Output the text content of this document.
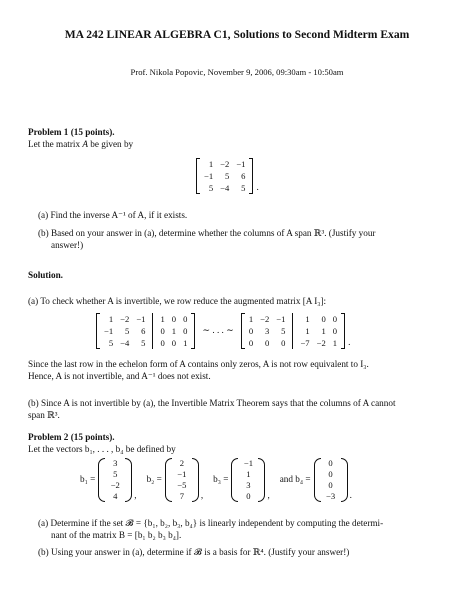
MA 242 LINEAR ALGEBRA C1, Solutions to Second Midterm Exam
Prof. Nikola Popovic, November 9, 2006, 09:30am - 10:50am
Problem 1 (15 points).
Let the matrix A be given by
1 −2 −1
−1	5	6
5 −4	5 .
(a) Find the inverse A⁻¹ of A, if it exists.
(b) Based on your answer in (a), determine whether the columns of A span ℝ³. (Justify your
answer!)
Solution.
(a) To check whether A is invertible, we row reduce the augmented matrix [A I₃]:
1 −2 −1 1 0 0
−1	5	6 0 1 0
5 −4	5 0 0 1
∼ . . . ∼
1 −2 −1	1	0 0
0	3	5	1	1 0
0	0	0 −7 −2 1 .
Since the last row in the echelon form of A contains only zeros, A is not row equivalent to I₃.
Hence, A is not invertible, and A⁻¹ does not exist.
(b) Since A is not invertible by (a), the Invertible Matrix Theorem says that the columns of A cannot
span ℝ³.
Problem 2 (15 points).
Let the vectors b₁, . . . , b₄ be defined by
b₁ =
3
5
−2
4	,
b₂ =
2
−1
−5
7	,
b₃ =
−1
1
3
0	,
and b₄ =
0
0
0
−3 .
(a) Determine if the set 𝓑 = {b₁, b₂, b₃, b₄} is linearly independent by computing the determi-
nant of the matrix B = [b₁ b₂ b₃ b₄].
(b) Using your answer in (a), determine if 𝓑 is a basis for ℝ⁴. (Justify your answer!)
